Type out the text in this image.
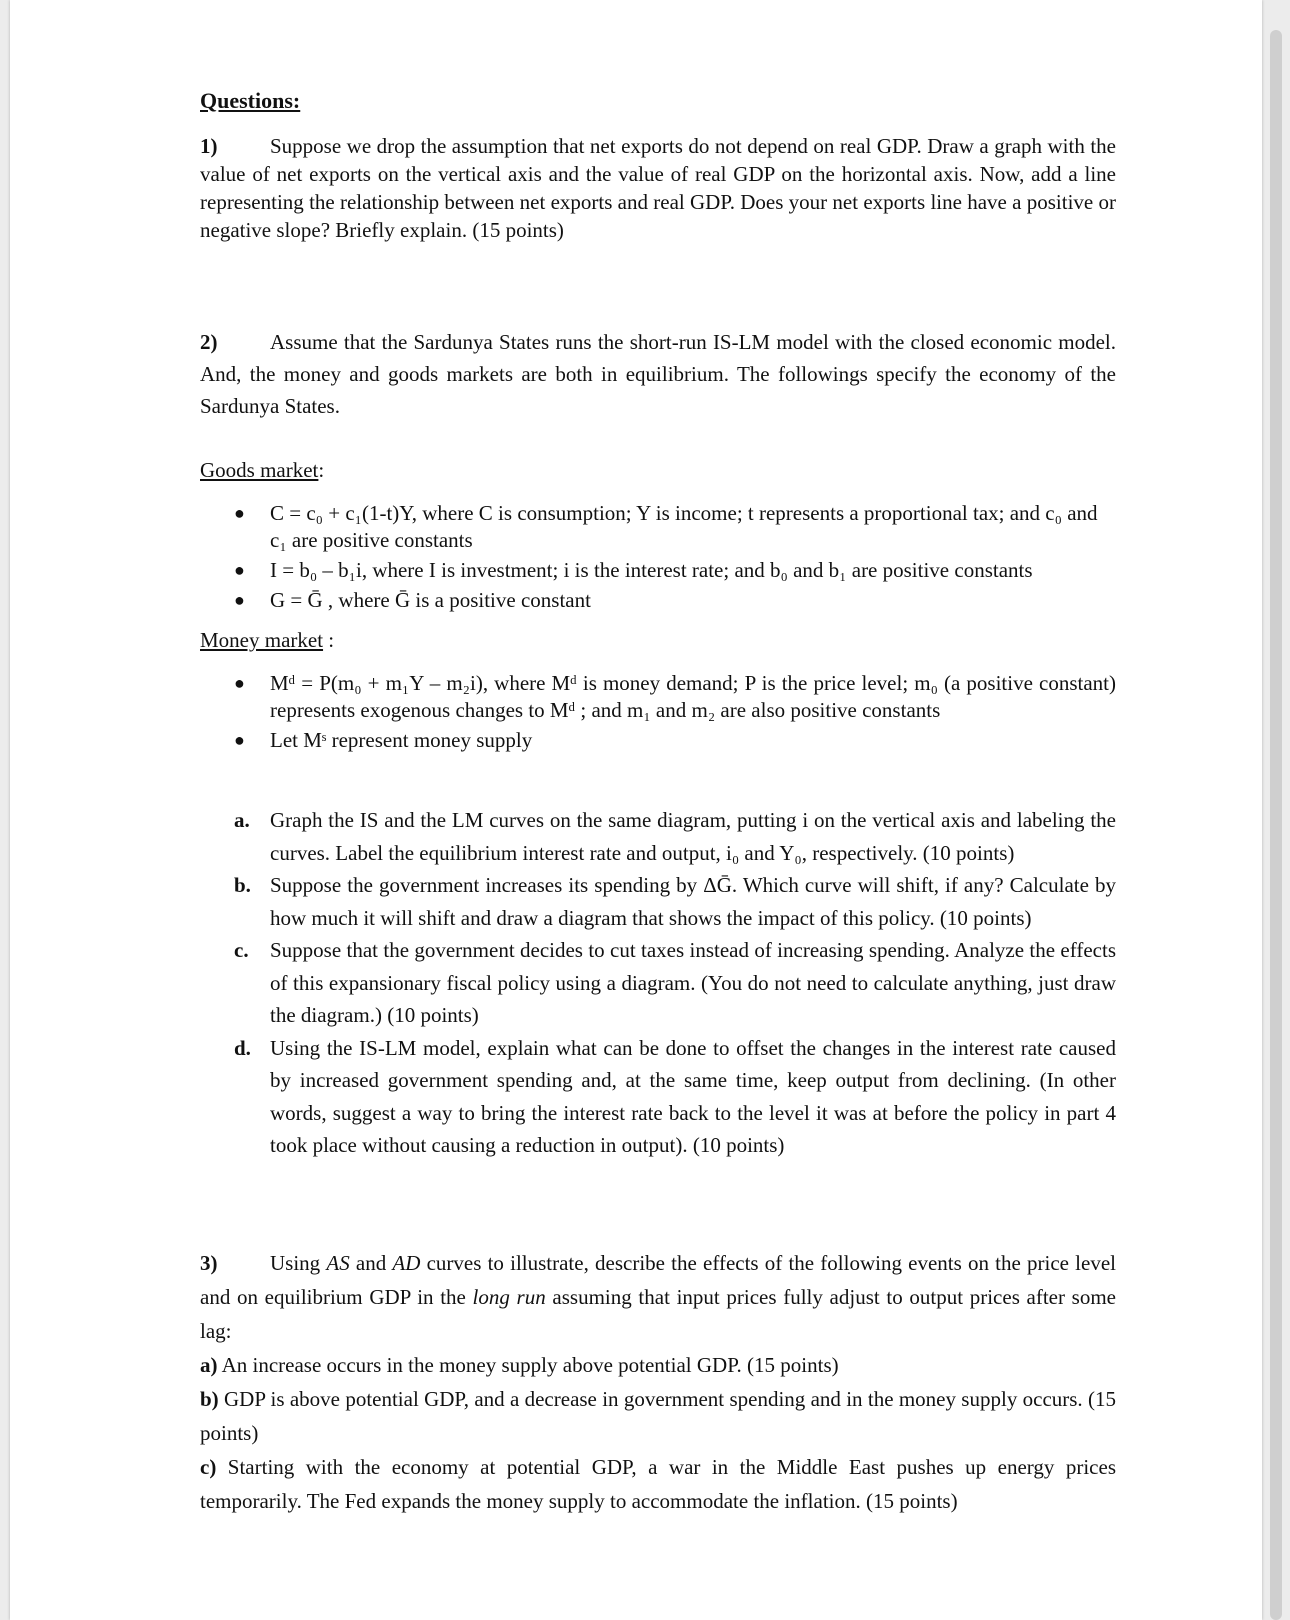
Questions:

1)	Suppose we drop the assumption that net exports do not depend on real GDP. Draw a graph with the value of net exports on the vertical axis and the value of real GDP on the horizontal axis. Now, add a line representing the relationship between net exports and real GDP. Does your net exports line have a positive or negative slope? Briefly explain. (15 points)

2)	Assume that the Sardunya States runs the short-run IS-LM model with the closed economic model. And, the money and goods markets are both in equilibrium. The followings specify the economy of the Sardunya States.

Goods market:

● C = c₀ + c₁(1-t)Y, where C is consumption; Y is income; t represents a proportional tax; and c₀ and c₁ are positive constants
● I = b₀ – b₁i, where I is investment; i is the interest rate; and b₀ and b₁ are positive constants
● G = Ḡ , where Ḡ is a positive constant

Money market :

● Mᵈ = P(m₀ + m₁Y – m₂i), where Mᵈ is money demand; P is the price level; m₀ (a positive constant) represents exogenous changes to Mᵈ ; and m₁ and m₂ are also positive constants
● Let Mˢ represent money supply
a. Graph the IS and the LM curves on the same diagram, putting i on the vertical axis and labeling the curves. Label the equilibrium interest rate and output, i₀ and Y₀, respectively. (10 points)
b. Suppose the government increases its spending by ΔḠ. Which curve will shift, if any? Calculate by how much it will shift and draw a diagram that shows the impact of this policy. (10 points)
c. Suppose that the government decides to cut taxes instead of increasing spending. Analyze the effects of this expansionary fiscal policy using a diagram. (You do not need to calculate anything, just draw the diagram.) (10 points)
d. Using the IS-LM model, explain what can be done to offset the changes in the interest rate caused by increased government spending and, at the same time, keep output from declining. (In other words, suggest a way to bring the interest rate back to the level it was at before the policy in part 4 took place without causing a reduction in output). (10 points)

3)	Using AS and AD curves to illustrate, describe the effects of the following events on the price level and on equilibrium GDP in the long run assuming that input prices fully adjust to output prices after some lag:

a) An increase occurs in the money supply above potential GDP. (15 points)

b) GDP is above potential GDP, and a decrease in government spending and in the money supply occurs. (15 points)

c) Starting with the economy at potential GDP, a war in the Middle East pushes up energy prices temporarily. The Fed expands the money supply to accommodate the inflation. (15 points)
